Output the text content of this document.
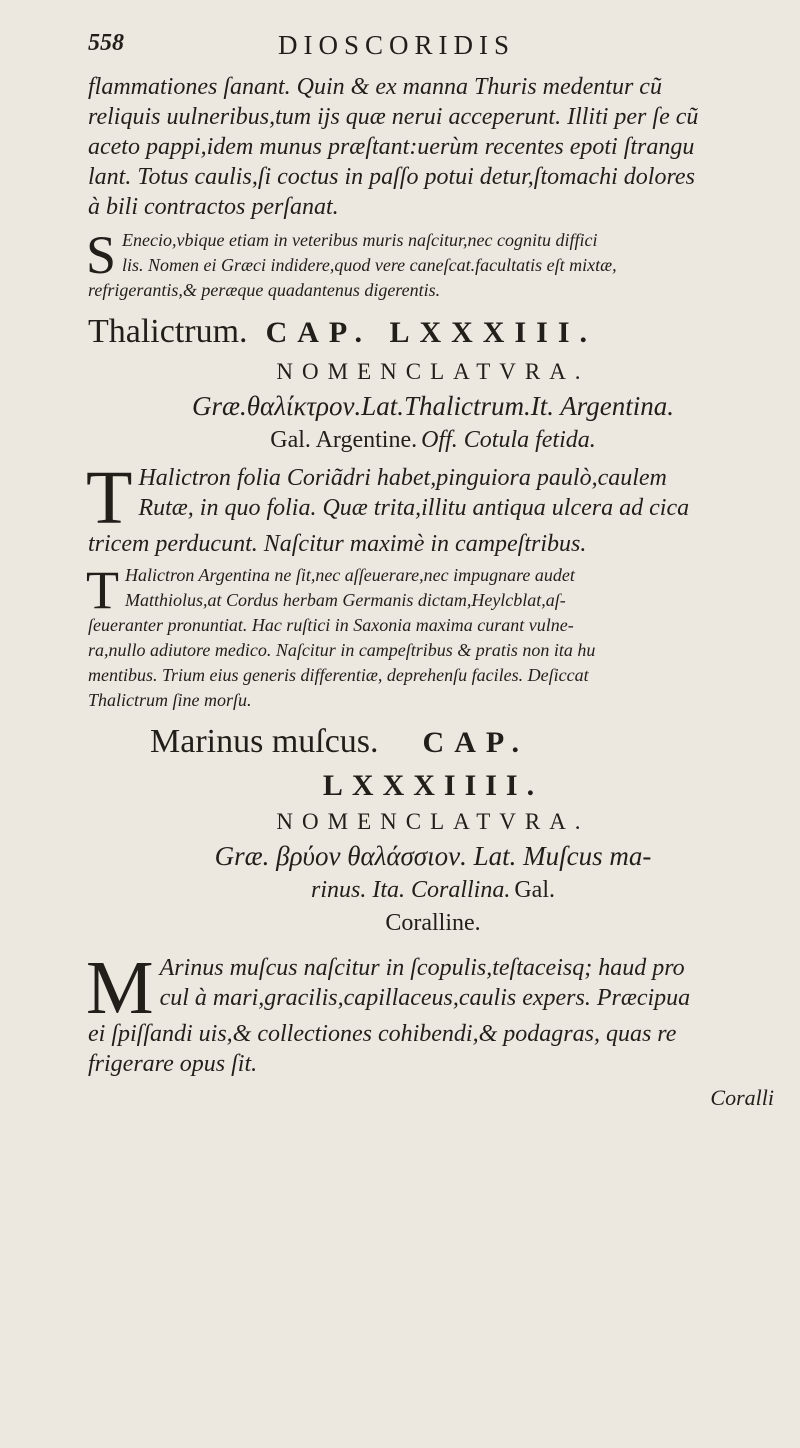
558	DIOSCORIDIS

flammationes ſanant. Quin & ex manna Thuris medentur cũ

reliquis uulneribus,tum ijs quæ nerui acceperunt. Illiti per ſe cũ

aceto pappi,idem munus præſtant:uerùm recentes epoti ſtrangu

lant. Totus caulis,ſi coctus in paſſo potui detur,ſtomachi dolores

à bili contractos perſanat.

S Enecio,vbique etiam in veteribus muris naſcitur,nec cognitu diffici

lis. Nomen ei Græci indidere,quod vere caneſcat.facultatis eſt mixtæ,

refrigerantis,& peræque quadantenus digerentis.

Thalictrum. CAP. LXXXIII.

NOMENCLATVRA.

Græ.θαλίκτρον.Lat.Thalictrum.It. Argentina.

Gal. Argentine. Off. Cotula fetida.

T Halictron folia Coriãdri habet,pinguiora paulò,caulem

Rutæ, in quo folia. Quæ trita,illitu antiqua ulcera ad cica

tricem perducunt. Naſcitur maximè in campeſtribus.

T Halictron Argentina ne ſit,nec aſſeuerare,nec impugnare audet

Matthiolus,at Cordus herbam Germanis dictam,Heylcblat,aſ-

ſeueranter pronuntiat. Hac ruſtici in Saxonia maxima curant vulne-

ra,nullo adiutore medico. Naſcitur in campeſtribus & pratis non ita hu

mentibus. Trium eius generis differentiæ, deprehenſu faciles. Deſiccat

Thalictrum ſine morſu.

Marinus muſcus. CAP.

LXXXIIII.

NOMENCLATVRA.

Græ. βρύον θαλάσσιον. Lat. Muſcus ma-

rinus. Ita. Corallina. Gal.

Coralline.

M Arinus muſcus naſcitur in ſcopulis,teſtaceisq; haud pro

cul à mari,gracilis,capillaceus,caulis expers. Præcipua

ei ſpiſſandi uis,& collectiones cohibendi,& podagras, quas re

frigerare opus ſit.

Coralli
